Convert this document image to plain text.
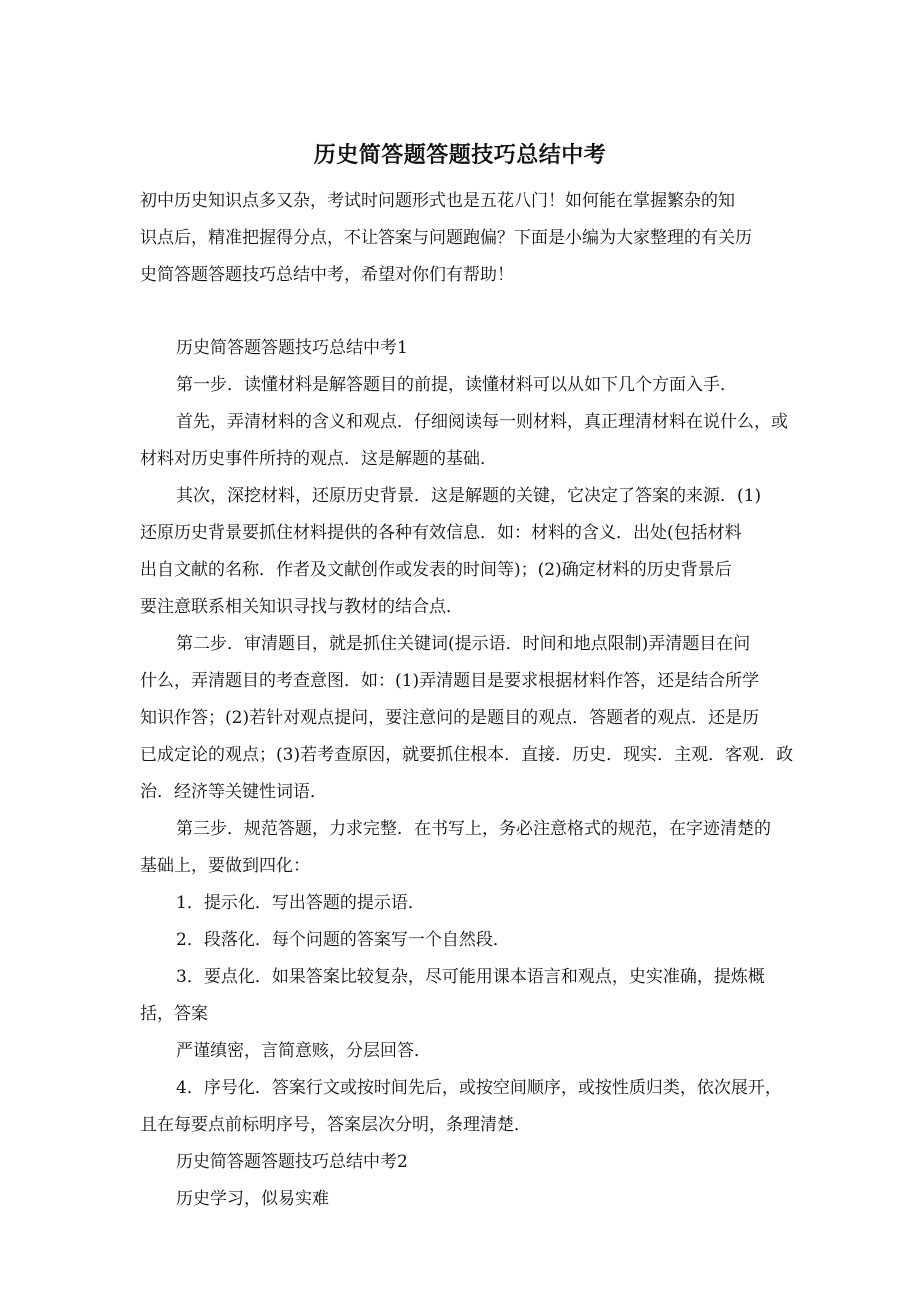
历史简答题答题技巧总结中考
初中历史知识点多又杂，考试时问题形式也是五花八门！如何能在掌握繁杂的知
识点后，精准把握得分点，不让答案与问题跑偏？下面是小编为大家整理的有关历
史简答题答题技巧总结中考，希望对你们有帮助！
历史简答题答题技巧总结中考1
第一步．读懂材料是解答题目的前提，读懂材料可以从如下几个方面入手．
首先，弄清材料的含义和观点．仔细阅读每一则材料，真正理清材料在说什么，或
材料对历史事件所持的观点．这是解题的基础．
其次，深挖材料，还原历史背景．这是解题的关键，它决定了答案的来源．(1)
还原历史背景要抓住材料提供的各种有效信息．如：材料的含义．出处(包括材料
出自文献的名称．作者及文献创作或发表的时间等)；(2)确定材料的历史背景后
要注意联系相关知识寻找与教材的结合点．
第二步．审清题目，就是抓住关键词(提示语．时间和地点限制)弄清题目在问
什么，弄清题目的考查意图．如：(1)弄清题目是要求根据材料作答，还是结合所学
知识作答；(2)若针对观点提问，要注意问的是题目的观点．答题者的观点．还是历
已成定论的观点；(3)若考查原因，就要抓住根本．直接．历史．现实．主观．客观．政
治．经济等关键性词语．
第三步．规范答题，力求完整．在书写上，务必注意格式的规范，在字迹清楚的
基础上，要做到四化：
1．提示化．写出答题的提示语．
2．段落化．每个问题的答案写一个自然段．
3．要点化．如果答案比较复杂，尽可能用课本语言和观点，史实准确，提炼概
括，答案
严谨缜密，言简意赅，分层回答．
4．序号化．答案行文或按时间先后，或按空间顺序，或按性质归类，依次展开，
且在每要点前标明序号，答案层次分明，条理清楚．
历史简答题答题技巧总结中考2
历史学习，似易实难
